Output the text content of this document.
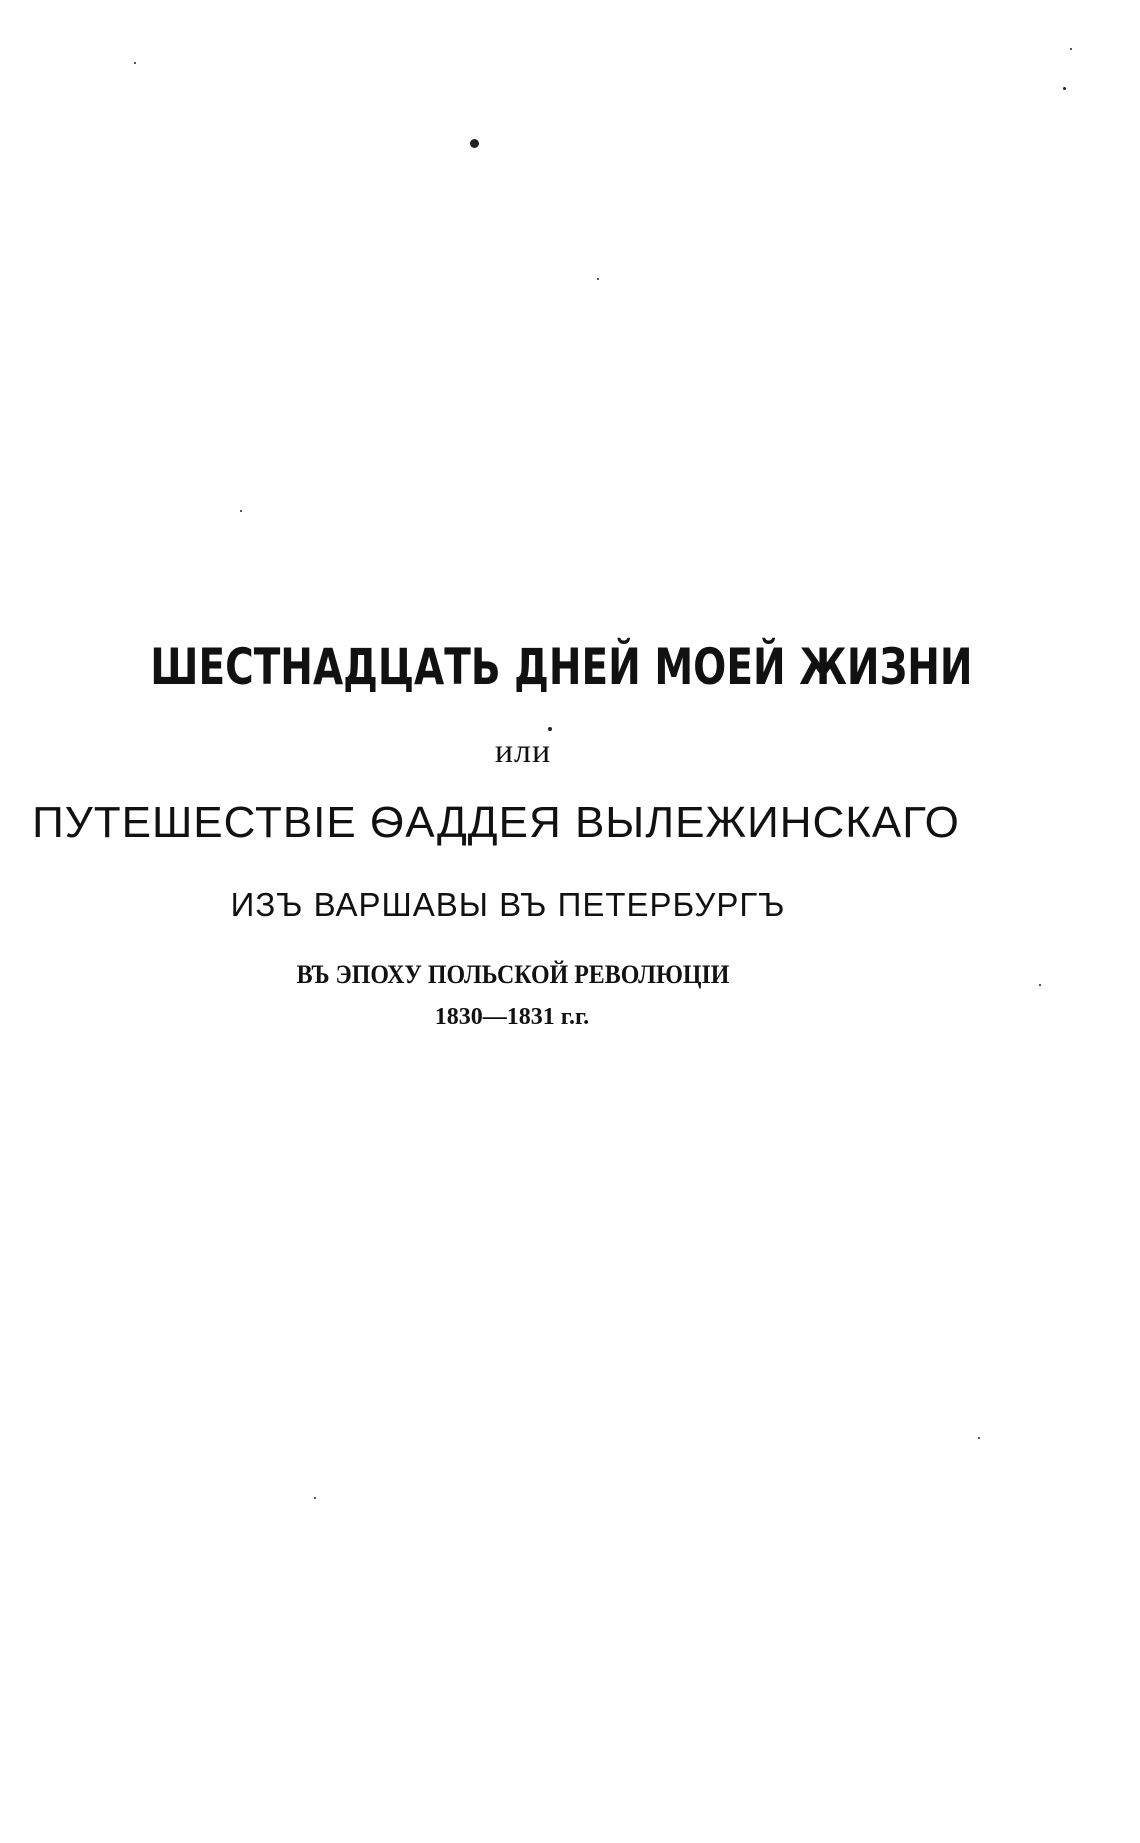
ШЕСТНАДЦАТЬ ДНЕЙ МОЕЙ ЖИЗНИ
или
ПУТЕШЕСТВІЕ ѲАДДЕЯ ВЫЛЕЖИНСКАГО
ИЗЪ ВАРШАВЫ ВЪ ПЕТЕРБУРГЪ
ВЪ ЭПОХУ ПОЛЬСКОЙ РЕВОЛЮЦІИ
1830—1831 г.г.
